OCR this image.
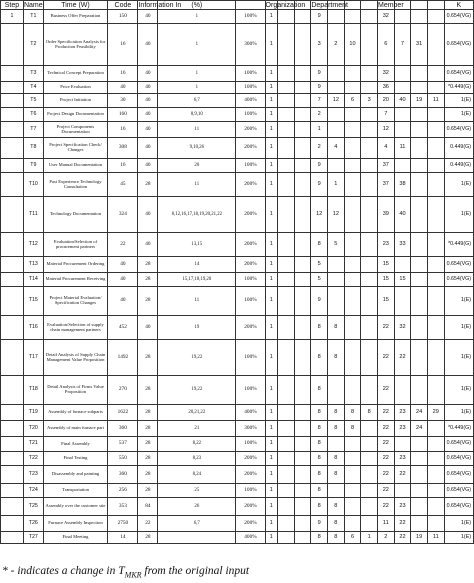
Step	Name	Time (W)	Code	Information In	(%)		Organization			Department				Member				K
1	T1	Business Offer Preparation	150	40	1	100%	1			9				32				0.654(VG)
	T2	Order Specification Analysis for Production Feasibility	16	40	1	300%	1			3	2	10		6	7	31		0.654(VG)
	T3	Technical Concept Preparation	16	40	1	100%	1			9				32				0.654(VG)
	T4	Price Evaluation	40	40	1	100%	1			9				36				*0.449(G)
	T5	Project Initiation	30	40	6,7	400%	1			7	12	6	3	20	40	19	11	1(E)
	T6	Project Design Documentation	160	40	8,9,10	100%	1			2				7				1(E)
	T7	Project Components Documentation	16	40	11	200%	1			1				12				0.654(VG)
	T8	Project Specification Check/ Changes	308	40	9,10,26	200%	1			2	4			4	11			0.449(G)
	T9	User Manual Documentation	16	40	20	100%	1			9				37				0.449(G)
	T10	Past Experience Technology Consultation	45	28	11	200%	1			9	1			37	38			1(E)
	T11	Technology Documentation	324	40	8,12,16,17,18,19,20,21,22	200%	1			12	12			39	40			1(E)
	T12	Evaluation/Selection of procurement partners	22	40	13,15	200%	1			8	5			23	33			*0.449(G)
	T13	Material Procurement Ordering	40	28	14	200%	1			5				15				0.654(VG)
	T14	Material Procurement Receiving	40	28	15,17,18,19,20	100%	1			5				15	15			0.654(VG)
	T15	Project Material Evaluation/ Specification Changes	40	28	11	100%	1			9				15				1(E)
	T16	Evaluation/Selection of supply chain management partners	452	40	19	200%	1			8	8			22	32			1(E)
	T17	Detail Analysis of Supply Chain Management Value Proposition	1492	28	19,22	100%	1			8	8			22	22			1(E)
	T18	Detail Analysis of Firms Value Proposition	270	28	19,22	100%	1			8				22				1(E)
	T19	Assembly of furnace subparts	1622	28	20,21,22	400%	1			8	8	8	8	22	23	24	29	1(E)
	T20	Assembly of main furnace part	360	28	21	300%	1			8	8	8		22	23	24		*0.449(G)
	T21	Final Assembly	537	28	8,22	100%	1			8				22				0.654(VG)
	T22	Final Testing	550	28	8,23	200%	1			8	8			22	23			0.654(VG)
	T23	Disassembly and painting	360	28	8,24	200%	1			8	8			22	22			0.654(VG)
	T24	Transportation	256	28	25	100%	1			8				22				0.654(VG)
	T25	Assembly over the customer site	353	84	26	200%	1			8	8			22	23			0.654(VG)
	T26	Furnace Assembly Inspection	2750	22	6,7	200%	1			9	8			11	22			1(E)
	T27	Final Meeting	14	28		400%	1			8	8	6	1	2	22	19	11	1(E)
* - indicates a change in $T_{MKR}$ from the original input
